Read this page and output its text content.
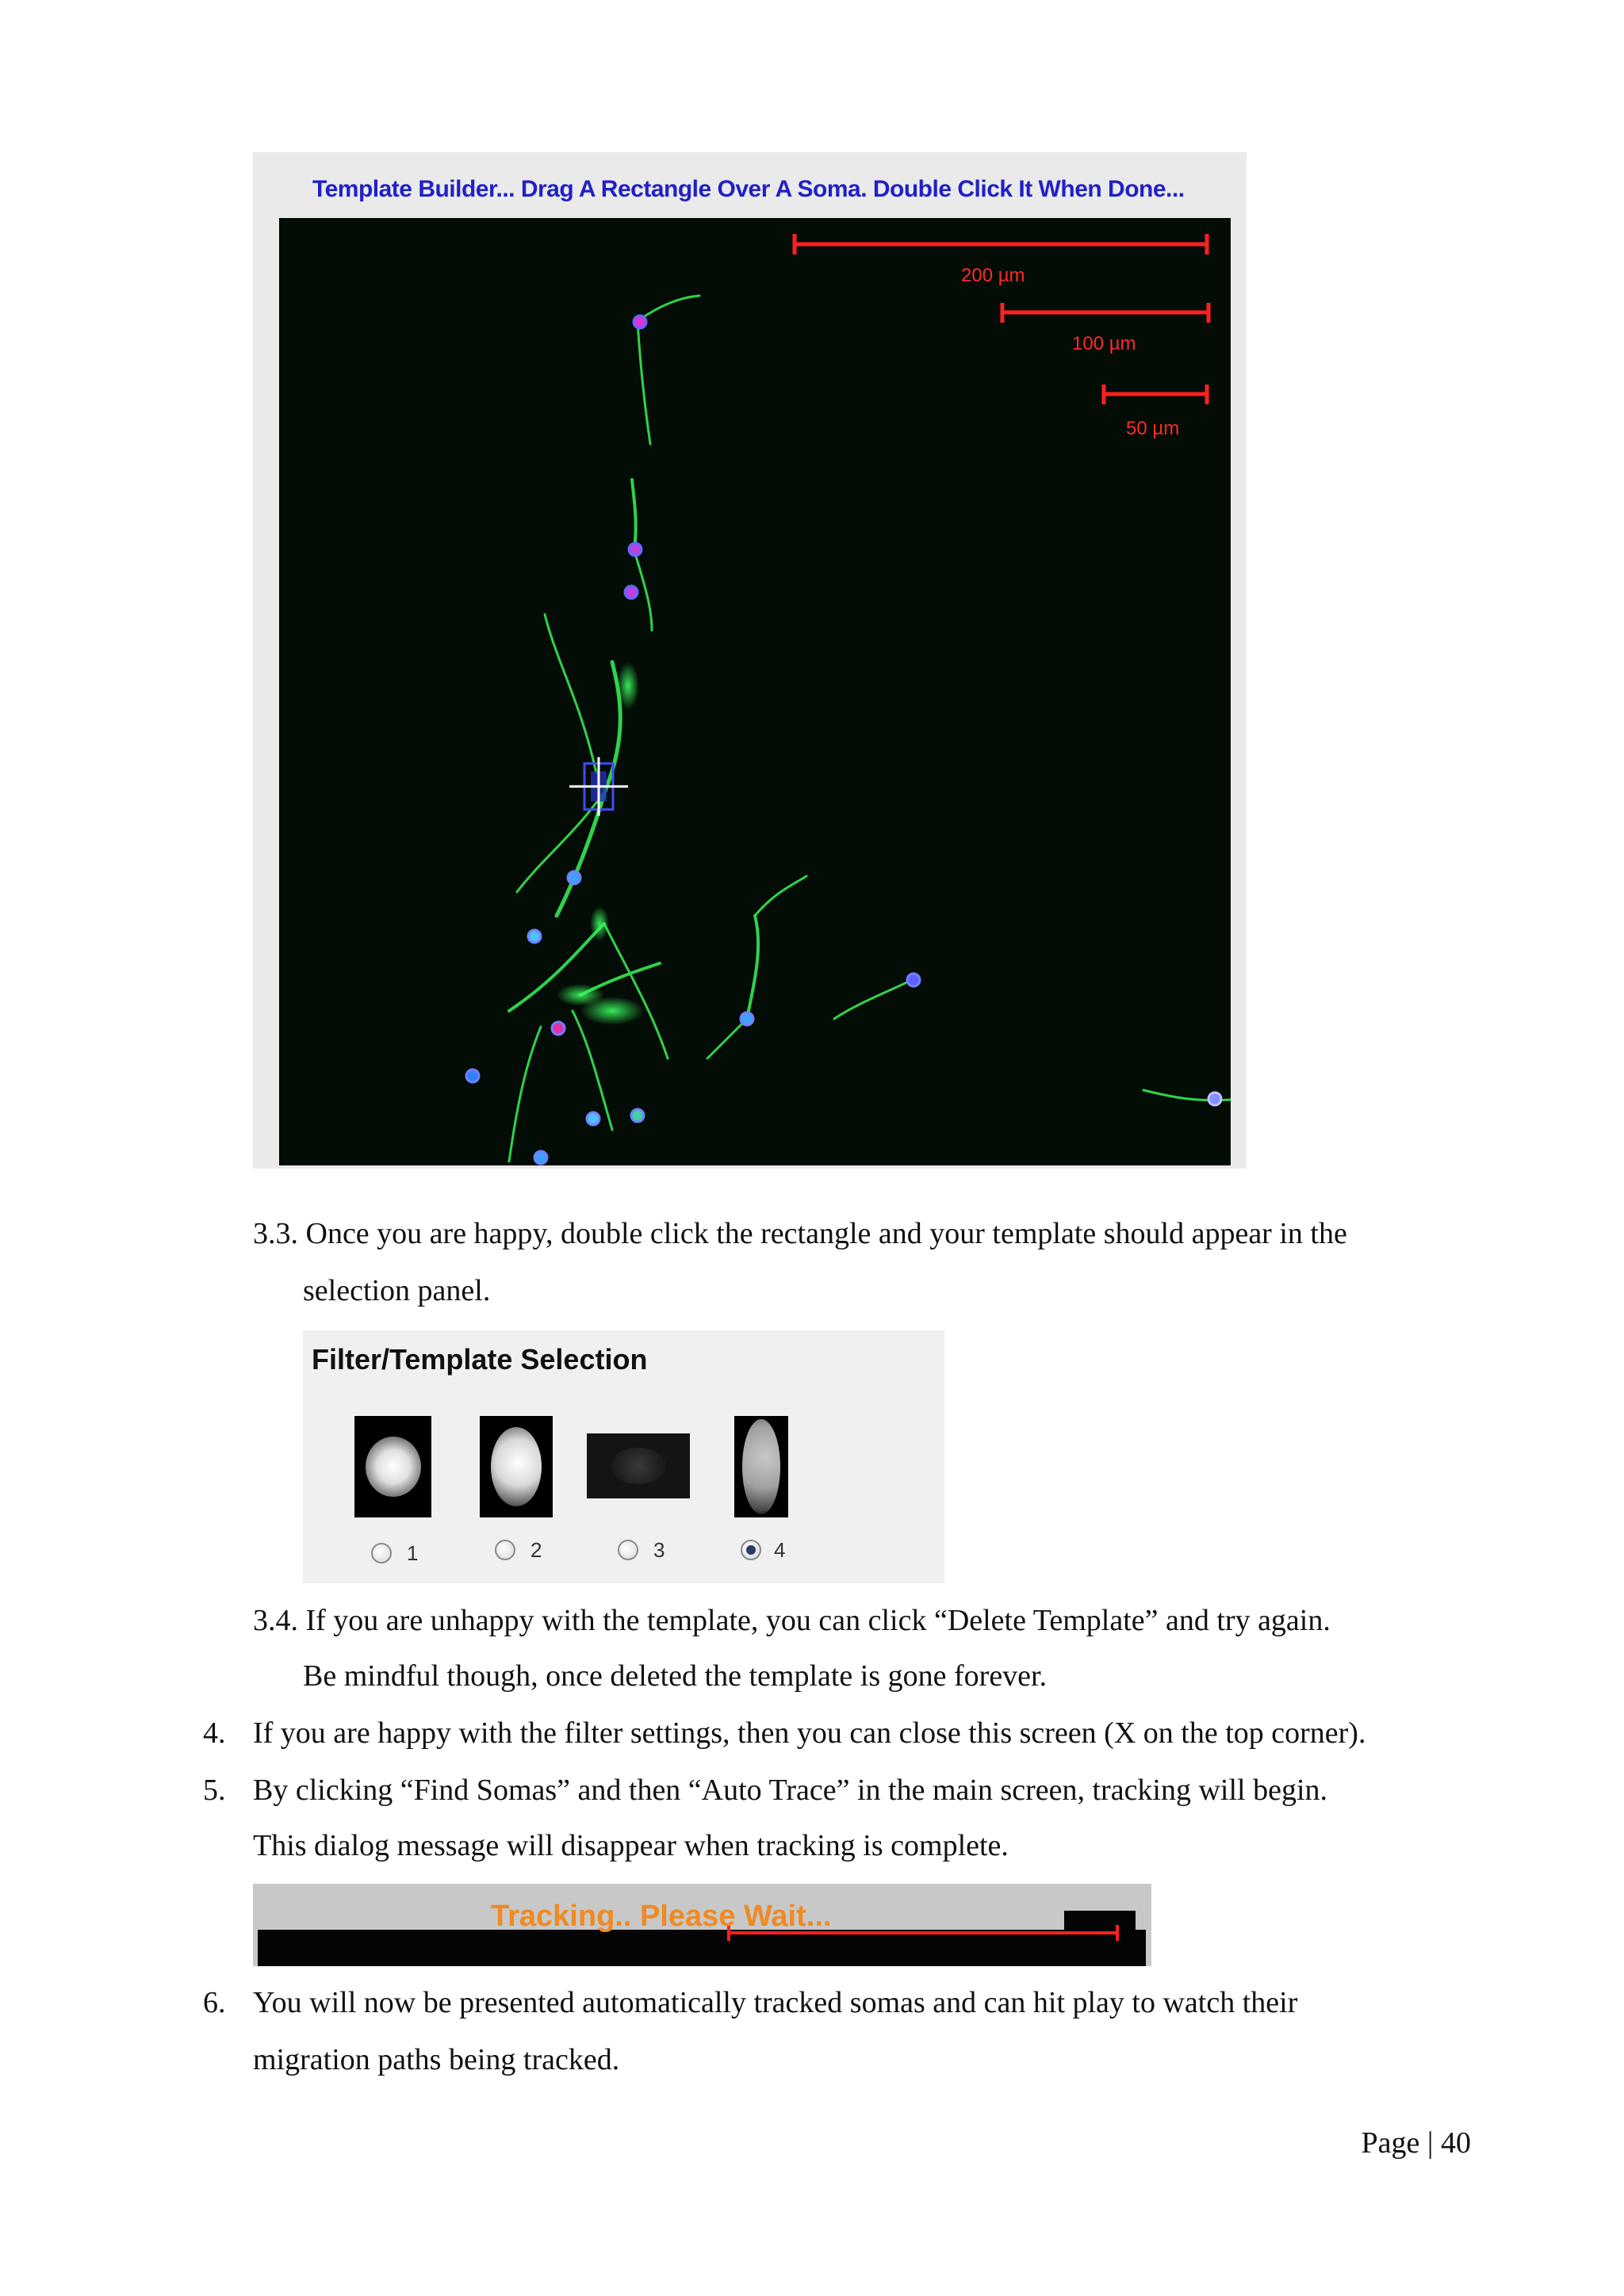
Template Builder... Drag A Rectangle Over A Soma. Double Click It When Done...
200 µm
100 µm
50 µm
3.3. Once you are happy, double click the rectangle and your template should appear in the
selection panel.
Filter/Template Selection
1	2	3	4
3.4. If you are unhappy with the template, you can click “Delete Template” and try again.
Be mindful though, once deleted the template is gone forever.
4. If you are happy with the filter settings, then you can close this screen (X on the top corner).
5. By clicking “Find Somas” and then “Auto Trace” in the main screen, tracking will begin.
This dialog message will disappear when tracking is complete.
Tracking.. Please Wait...
6. You will now be presented automatically tracked somas and can hit play to watch their
migration paths being tracked.
Page | 40
